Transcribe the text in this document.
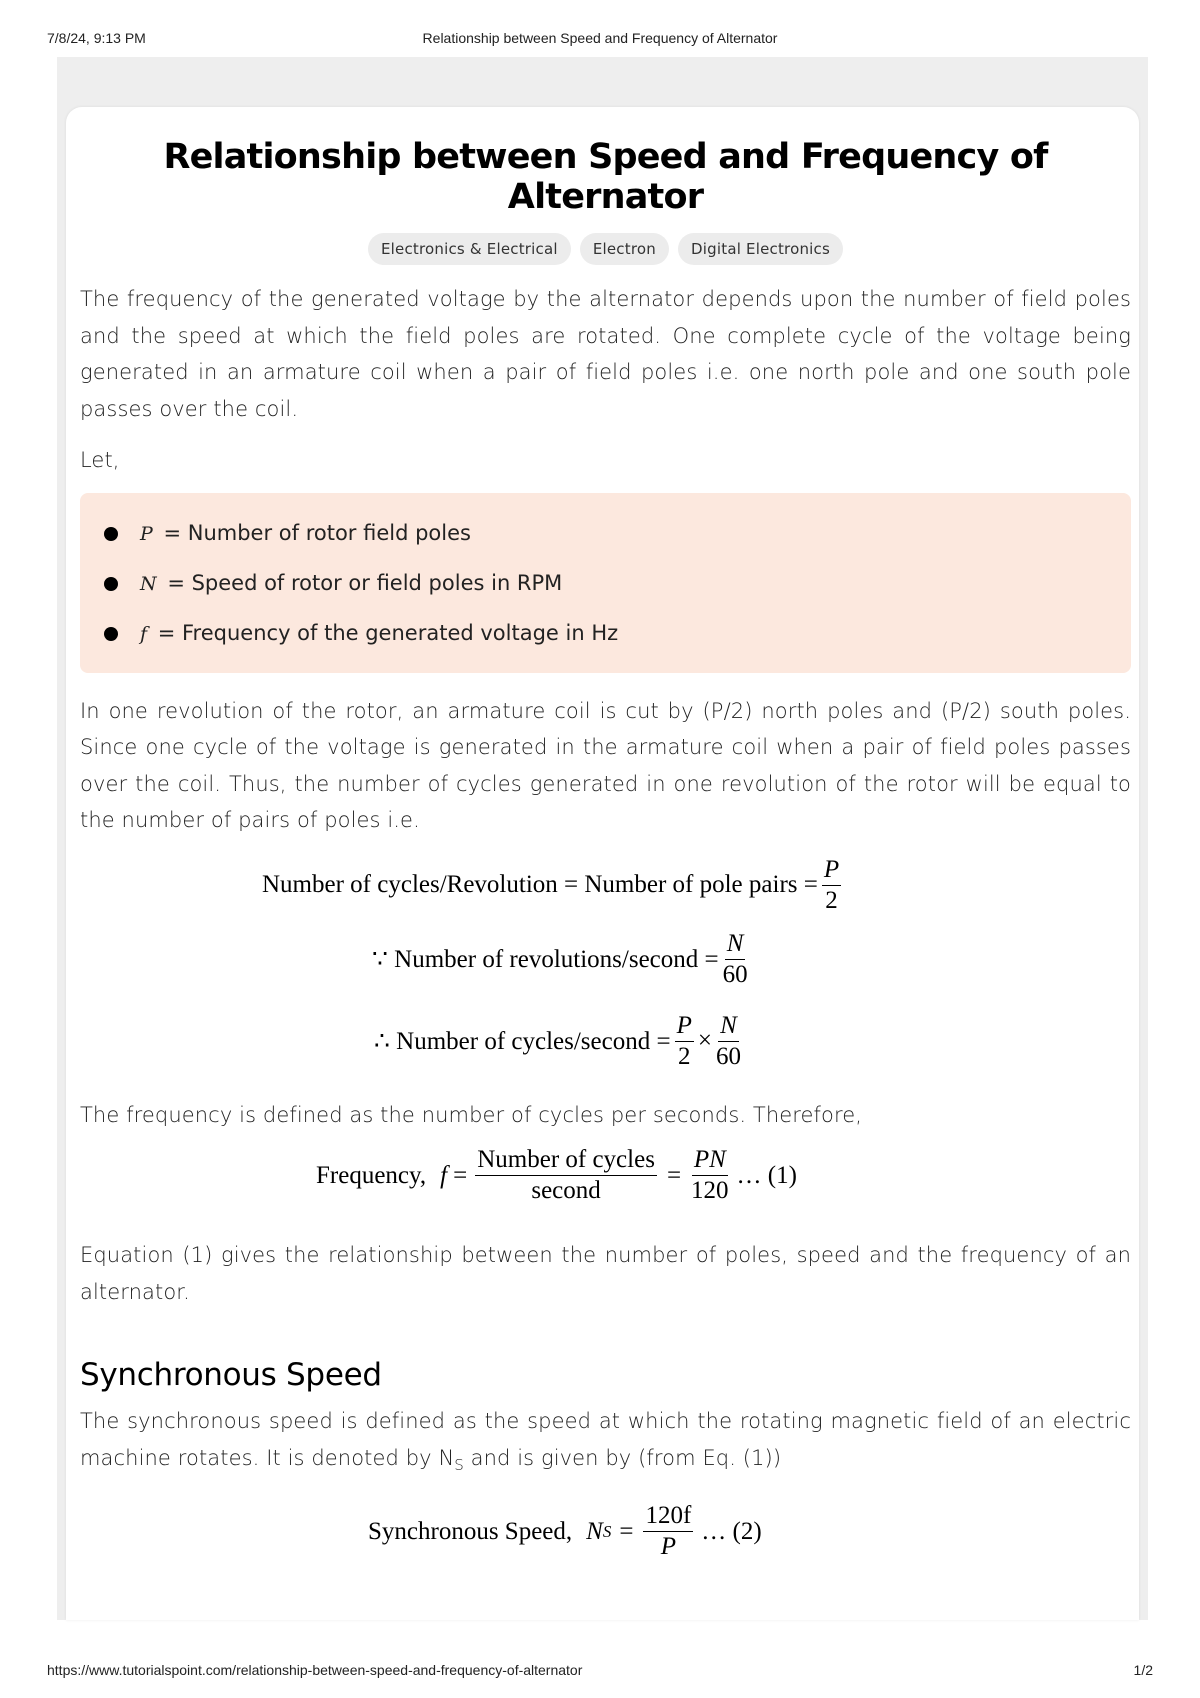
7/8/24, 9:13 PM	Relationship between Speed and Frequency of Alternator
Relationship between Speed and Frequency of Alternator
Electronics & Electrical Electron Digital Electronics

The frequency of the generated voltage by the alternator depends upon the number of field poles and the speed at which the field poles are rotated. One complete cycle of the voltage being generated in an armature coil when a pair of field poles i.e. one north pole and one south pole passes over the coil.

Let,

P = Number of rotor field poles
N = Speed of rotor or field poles in RPM
f = Frequency of the generated voltage in Hz

In one revolution of the rotor, an armature coil is cut by (P/2) north poles and (P/2) south poles. Since one cycle of the voltage is generated in the armature coil when a pair of field poles passes over the coil. Thus, the number of cycles generated in one revolution of the rotor will be equal to the number of pairs of poles i.e.

Number of cycles/Revolution = Number of pole pairs = $\frac{P}{2}$
∵ Number of revolutions/second = $\frac{N}{60}$
∴ Number of cycles/second = $\frac{P}{2} \times \frac{N}{60}$

The frequency is defined as the number of cycles per seconds. Therefore,

Frequency, $f = \frac{\text{Number of cycles}}{\text{second}} = \frac{PN}{120}$ … (1)

Equation (1) gives the relationship between the number of poles, speed and the frequency of an alternator.

Synchronous Speed

The synchronous speed is defined as the speed at which the rotating magnetic field of an electric machine rotates. It is denoted by $N_S$ and is given by (from Eq. (1))

Synchronous Speed, N $S = \frac{120f}{P}$ … (2)
https://www.tutorialspoint.com/relationship-between-speed-and-frequency-of-alternator	1/2
